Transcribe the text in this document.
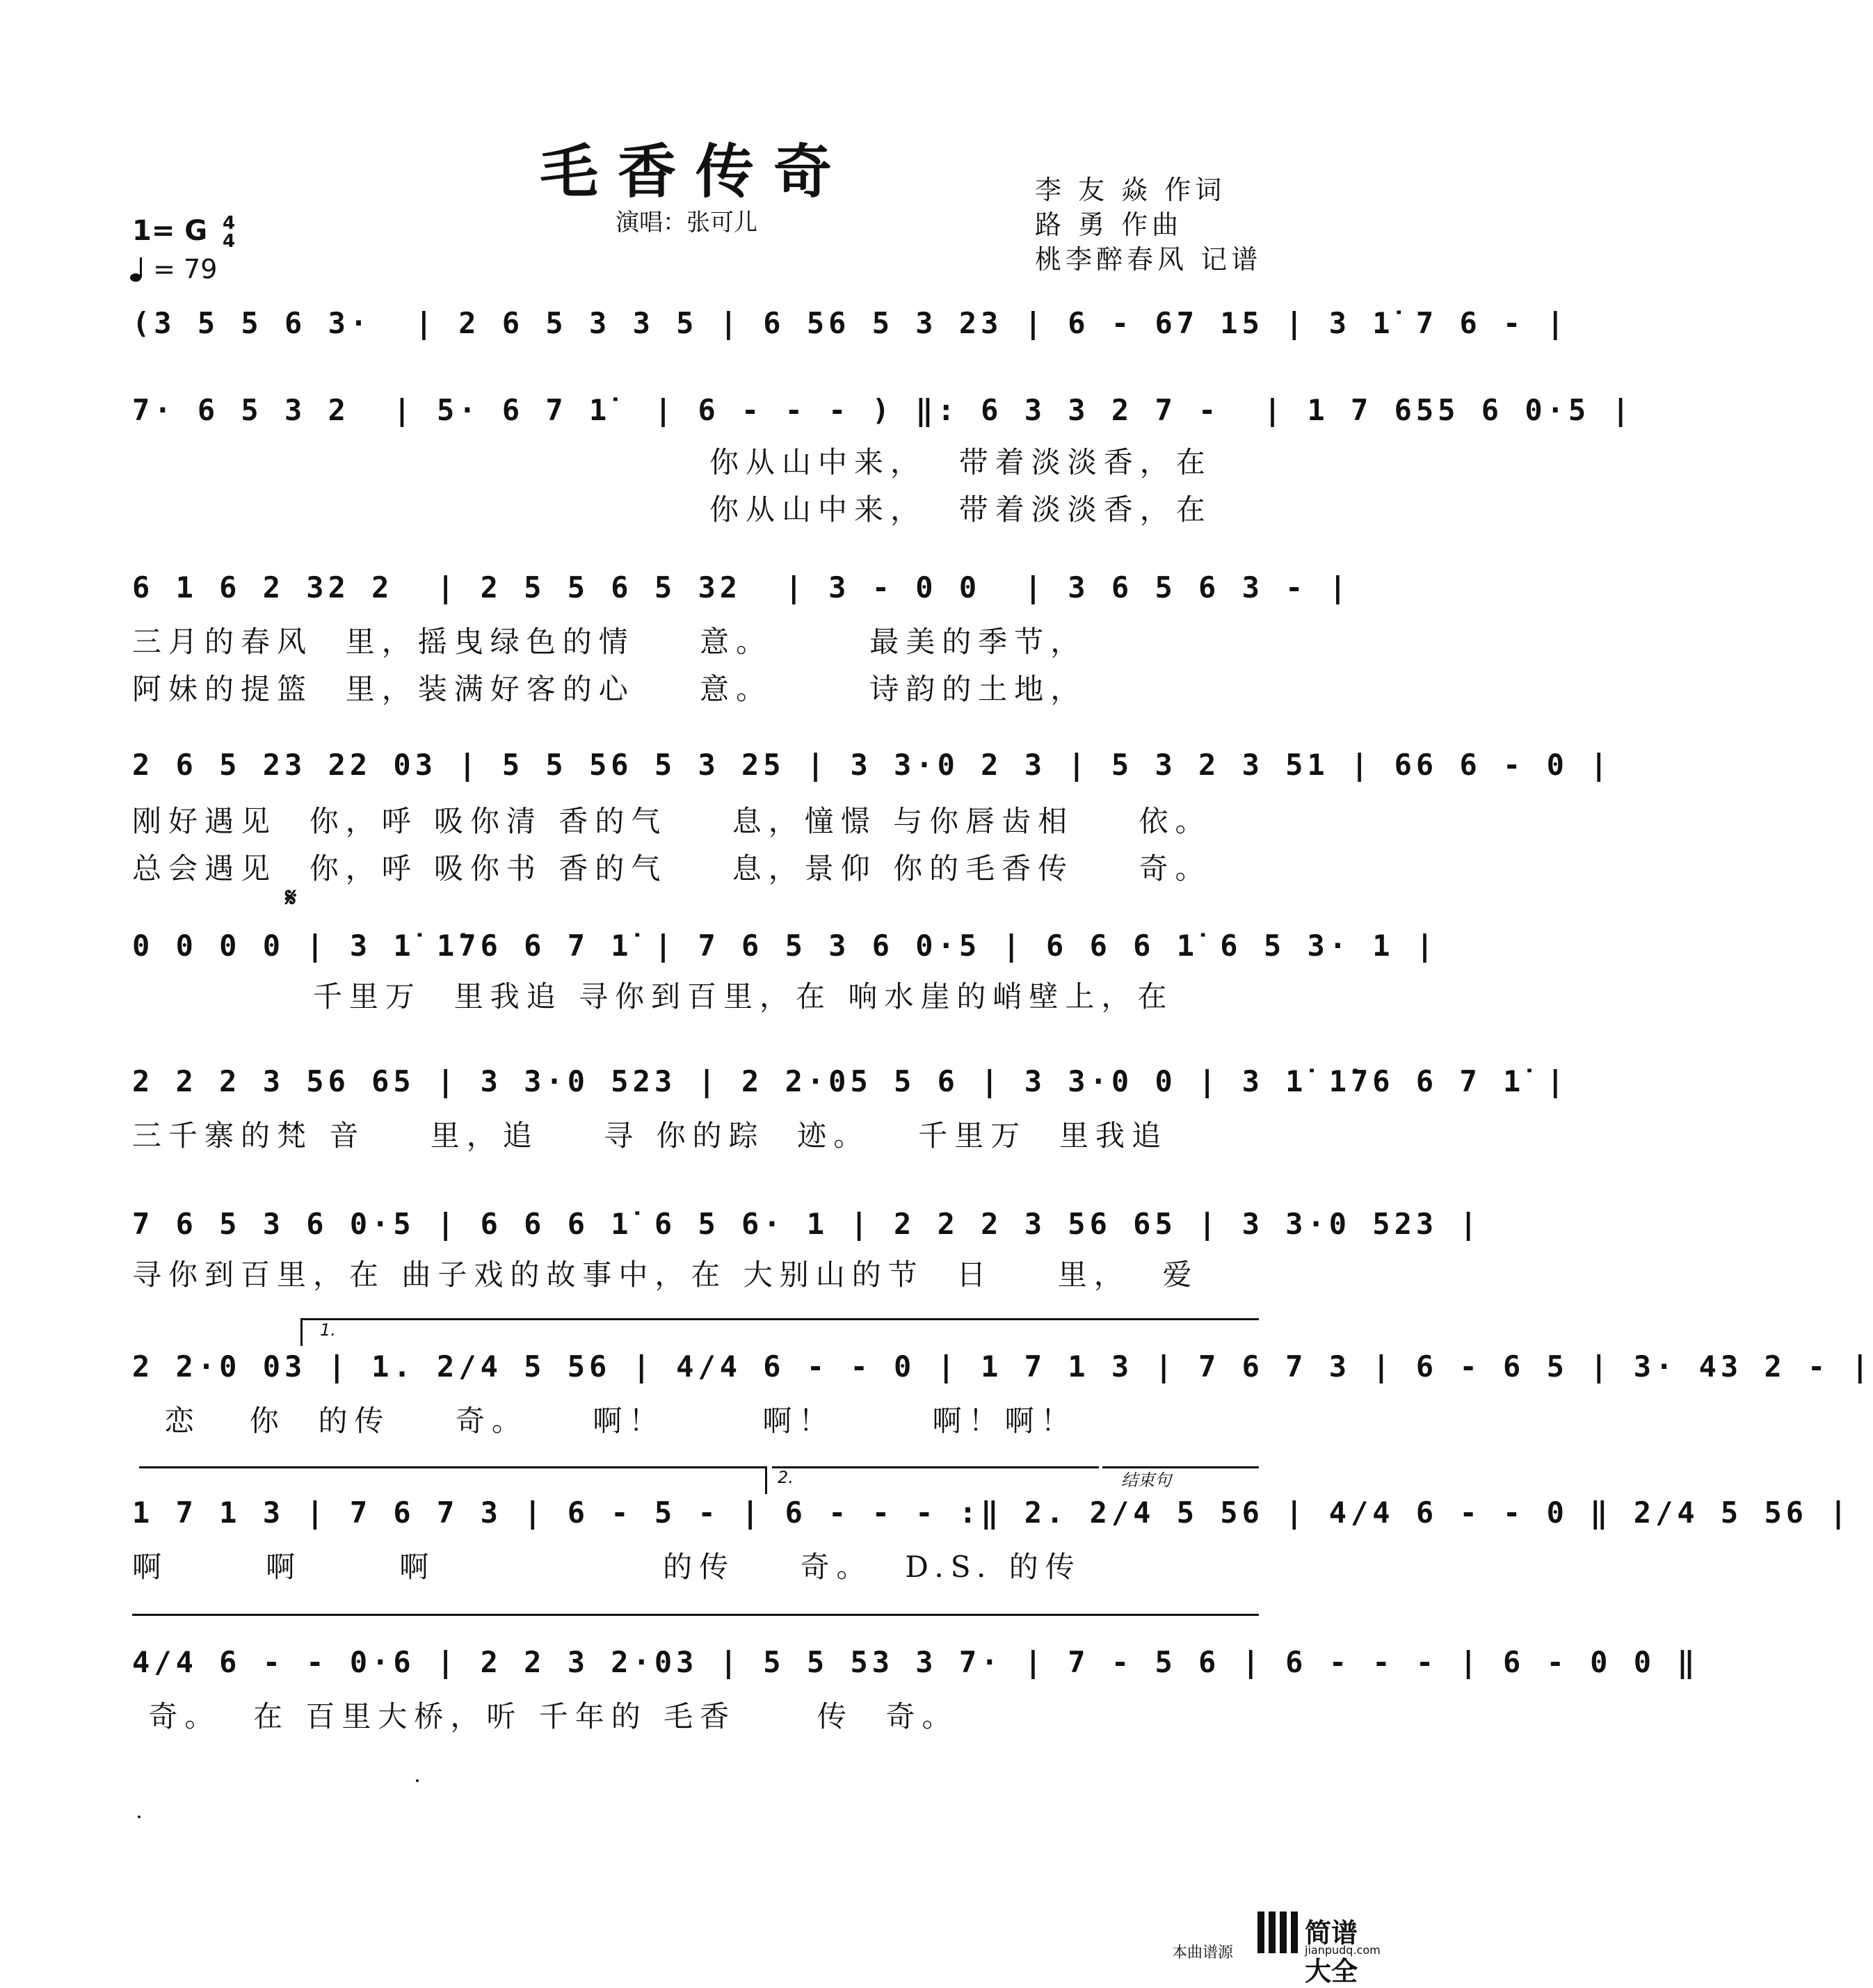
毛香传奇
演唱：张可儿
李 友 焱 作词
路 勇 作曲
桃李醉春风 记谱
1= G 4
4
= 79
(3 5 5 6 3·  | 2 6 5 3 3 5 | 6 56 5 3 23 | 6 - 67 15 | 3 1̇ 7 6 - |
7· 6 5 3 2  | 5· 6 7 1̇  | 6 - - - ) ‖: 6 3 3 2 7 -  | 1 7 655 6 0·5 |
你从山中来，  带着淡淡香，在
你从山中来，  带着淡淡香，在
6 1 6 2 32 2  | 2 5 5 6 5 32  | 3 - 0 0  | 3 6 5 6 3 - |
三月的春风  里，摇曳绿色的情    意。      最美的季节，
阿妹的提篮  里，装满好客的心    意。      诗韵的土地，
2 6 5 23 22 03 | 5 5 56 5 3 25 | 3 3·0 2 3 | 5 3 2 3 51 | 66 6 - 0 |
刚好遇见  你，呼 吸你清 香的气    息，憧憬 与你唇齿相    依。
总会遇见  你，呼 吸你书 香的气    息，景仰 你的毛香传    奇。
𝄋
0 0 0 0 | 3 1̇ 1̇76 6 7 1̇ | 7 6 5 3 6 0·5 | 6 6 6 1̇ 6 5 3· 1 |
千里万  里我追 寻你到百里，在 响水崖的峭壁上，在
2 2 2 3 56 65 | 3 3·0 523 | 2 2·05 5 6 | 3 3·0 0 | 3 1̇ 1̇76 6 7 1̇ |
三千寨的梵 音    里，追    寻 你的踪  迹。   千里万  里我追
7 6 5 3 6 0·5 | 6 6 6 1̇ 6 5 6· 1 | 2 2 2 3 56 65 | 3 3·0 523 |
寻你到百里，在 曲子戏的故事中，在 大别山的节  日    里，  爱
1.
2 2·0 03 | 1. 2/4 5 56 | 4/4 6 - - 0 | 1 7 1 3 | 7 6 7 3 | 6 - 6 5 | 3· 43 2 - |
恋   你  的传    奇。    啊！      啊！      啊！啊！
2.	结束句
1 7 1 3 | 7 6 7 3 | 6 - 5 - | 6 - - - :‖ 2. 2/4 5 56 | 4/4 6 - - 0 ‖ 2/4 5 56 |
啊      啊      啊              的传    奇。  D.S. 的传
4/4 6 - - 0·6 | 2 2 3 2·03 | 5 5 53 3 7· | 7 - 5 6 | 6 - - - | 6 - 0 0 ‖
奇。  在 百里大桥，听 千年的 毛香     传  奇。
本曲谱源
简谱大全
jianpudq.com
